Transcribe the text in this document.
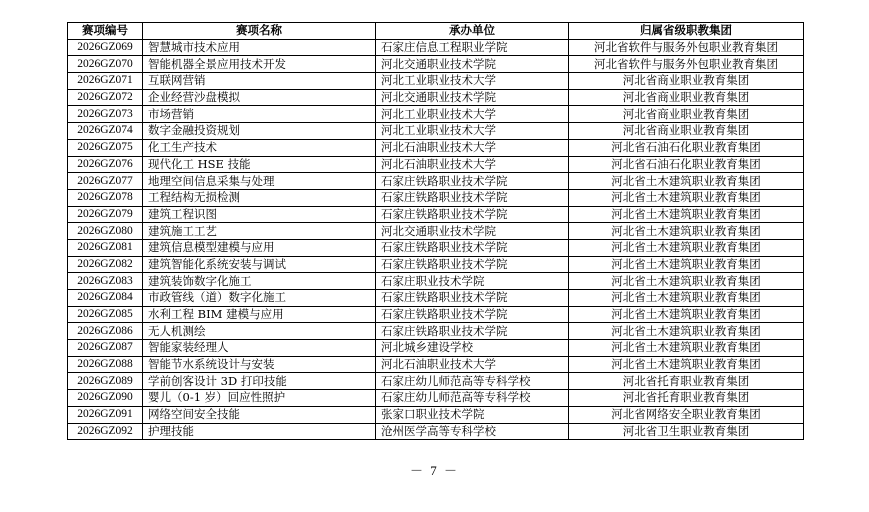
赛项编号	赛项名称	承办单位	归属省级职教集团
2026GZ069	智慧城市技术应用	石家庄信息工程职业学院	河北省软件与服务外包职业教育集团
2026GZ070	智能机器全景应用技术开发	河北交通职业技术学院	河北省软件与服务外包职业教育集团
2026GZ071	互联网营销	河北工业职业技术大学	河北省商业职业教育集团
2026GZ072	企业经营沙盘模拟	河北交通职业技术学院	河北省商业职业教育集团
2026GZ073	市场营销	河北工业职业技术大学	河北省商业职业教育集团
2026GZ074	数字金融投资规划	河北工业职业技术大学	河北省商业职业教育集团
2026GZ075	化工生产技术	河北石油职业技术大学	河北省石油石化职业教育集团
2026GZ076	现代化工 HSE 技能	河北石油职业技术大学	河北省石油石化职业教育集团
2026GZ077	地理空间信息采集与处理	石家庄铁路职业技术学院	河北省土木建筑职业教育集团
2026GZ078	工程结构无损检测	石家庄铁路职业技术学院	河北省土木建筑职业教育集团
2026GZ079	建筑工程识图	石家庄铁路职业技术学院	河北省土木建筑职业教育集团
2026GZ080	建筑施工工艺	河北交通职业技术学院	河北省土木建筑职业教育集团
2026GZ081	建筑信息模型建模与应用	石家庄铁路职业技术学院	河北省土木建筑职业教育集团
2026GZ082	建筑智能化系统安装与调试	石家庄铁路职业技术学院	河北省土木建筑职业教育集团
2026GZ083	建筑装饰数字化施工	石家庄职业技术学院	河北省土木建筑职业教育集团
2026GZ084	市政管线（道）数字化施工	石家庄铁路职业技术学院	河北省土木建筑职业教育集团
2026GZ085	水利工程 BIM 建模与应用	石家庄铁路职业技术学院	河北省土木建筑职业教育集团
2026GZ086	无人机测绘	石家庄铁路职业技术学院	河北省土木建筑职业教育集团
2026GZ087	智能家装经理人	河北城乡建设学校	河北省土木建筑职业教育集团
2026GZ088	智能节水系统设计与安装	河北石油职业技术大学	河北省土木建筑职业教育集团
2026GZ089	学前创客设计 3D 打印技能	石家庄幼儿师范高等专科学校	河北省托育职业教育集团
2026GZ090	婴儿（0-1 岁）回应性照护	石家庄幼儿师范高等专科学校	河北省托育职业教育集团
2026GZ091	网络空间安全技能	张家口职业技术学院	河北省网络安全职业教育集团
2026GZ092	护理技能	沧州医学高等专科学校	河北省卫生职业教育集团
－ 7 －
